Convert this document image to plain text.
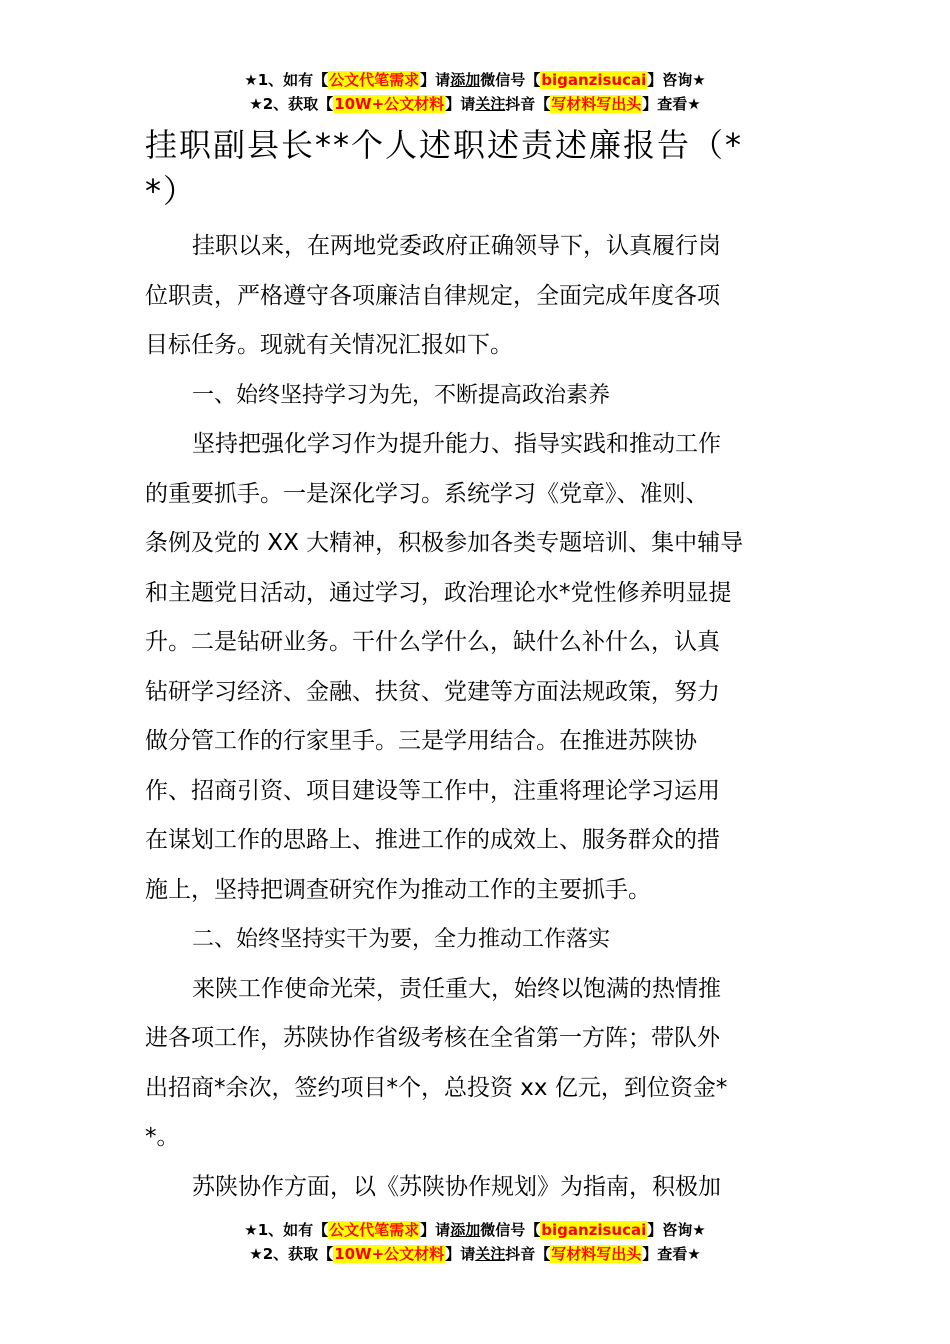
★1、如有【公文代笔需求】请添加微信号【biganzisucai】咨询★
★2、获取【10W+公文材料】请关注抖音【写材料写出头】查看★
挂职副县长**个人述职述责述廉报告（*
*）
挂职以来，在两地党委政府正确领导下，认真履行岗
位职责，严格遵守各项廉洁自律规定，全面完成年度各项
目标任务。现就有关情况汇报如下。
一、始终坚持学习为先，不断提高政治素养
坚持把强化学习作为提升能力、指导实践和推动工作
的重要抓手。一是深化学习。系统学习《党章》、准则、
条例及党的 XX 大精神，积极参加各类专题培训、集中辅导
和主题党日活动，通过学习，政治理论水*党性修养明显提
升。二是钻研业务。干什么学什么，缺什么补什么，认真
钻研学习经济、金融、扶贫、党建等方面法规政策，努力
做分管工作的行家里手。三是学用结合。在推进苏陕协
作、招商引资、项目建设等工作中，注重将理论学习运用
在谋划工作的思路上、推进工作的成效上、服务群众的措
施上，坚持把调查研究作为推动工作的主要抓手。
二、始终坚持实干为要，全力推动工作落实
来陕工作使命光荣，责任重大，始终以饱满的热情推
进各项工作，苏陕协作省级考核在全省第一方阵；带队外
出招商*余次，签约项目*个，总投资 xx 亿元，到位资金*
*。
苏陕协作方面，以《苏陕协作规划》为指南，积极加
★1、如有【公文代笔需求】请添加微信号【biganzisucai】咨询★
★2、获取【10W+公文材料】请关注抖音【写材料写出头】查看★
